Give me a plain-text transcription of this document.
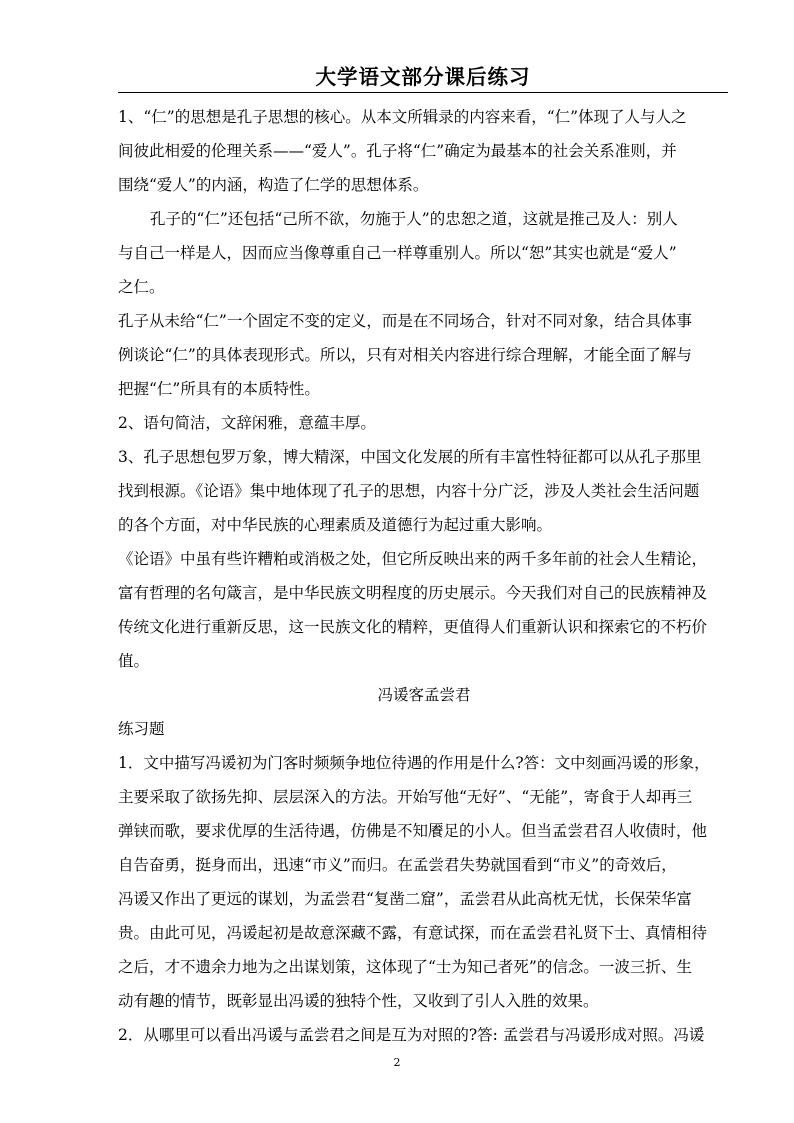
大学语文部分课后练习
1、“仁”的思想是孔子思想的核心。从本文所辑录的内容来看，“仁”体现了人与人之
间彼此相爱的伦理关系——“爱人”。孔子将“仁”确定为最基本的社会关系准则，并
围绕“爱人”的内涵，构造了仁学的思想体系。
孔子的“仁”还包括“己所不欲，勿施于人”的忠恕之道，这就是推己及人：别人
与自己一样是人，因而应当像尊重自己一样尊重别人。所以“恕”其实也就是“爱人”
之仁。
孔子从未给“仁”一个固定不变的定义，而是在不同场合，针对不同对象，结合具体事
例谈论“仁”的具体表现形式。所以，只有对相关内容进行综合理解，才能全面了解与
把握“仁”所具有的本质特性。
2、语句简洁，文辞闲雅，意蕴丰厚。
3、孔子思想包罗万象，博大精深，中国文化发展的所有丰富性特征都可以从孔子那里
找到根源。《论语》集中地体现了孔子的思想，内容十分广泛，涉及人类社会生活问题
的各个方面，对中华民族的心理素质及道德行为起过重大影响。
《论语》中虽有些许糟粕或消极之处，但它所反映出来的两千多年前的社会人生精论，
富有哲理的名句箴言，是中华民族文明程度的历史展示。今天我们对自己的民族精神及
传统文化进行重新反思，这一民族文化的精粹，更值得人们重新认识和探索它的不朽价
值。
冯谖客孟尝君
练习题
1．文中描写冯谖初为门客时频频争地位待遇的作用是什么?答：文中刻画冯谖的形象，
主要采取了欲扬先抑、层层深入的方法。开始写他“无好”、“无能”，寄食于人却再三
弹铗而歌，要求优厚的生活待遇，仿佛是不知餍足的小人。但当孟尝君召人收债时，他
自告奋勇，挺身而出，迅速“市义”而归。在孟尝君失势就国看到“市义”的奇效后，
冯谖又作出了更远的谋划，为孟尝君“复凿二窟”，孟尝君从此高枕无忧，长保荣华富
贵。由此可见，冯谖起初是故意深藏不露，有意试探，而在孟尝君礼贤下士、真情相待
之后，才不遗余力地为之出谋划策，这体现了“士为知己者死”的信念。一波三折、生
动有趣的情节，既彰显出冯谖的独特个性，又收到了引人入胜的效果。
2．从哪里可以看出冯谖与孟尝君之间是互为对照的?答: 孟尝君与冯谖形成对照。冯谖
2
